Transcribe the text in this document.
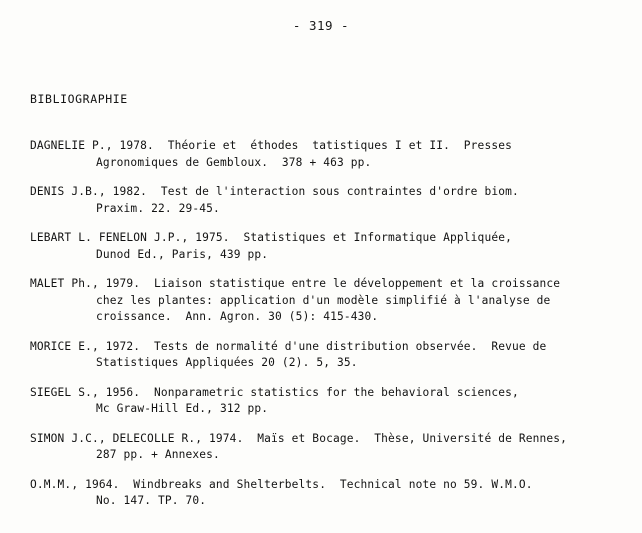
- 319 -
BIBLIOGRAPHIE
DAGNELIE P., 1978.  Théorie et  éthodes  tatistiques I et II.  Presses
Agronomiques de Gembloux.  378 + 463 pp.
DENIS J.B., 1982.  Test de l'interaction sous contraintes d'ordre biom.
Praxim. 22. 29-45.
LEBART L. FENELON J.P., 1975.  Statistiques et Informatique Appliquée,
Dunod Ed., Paris, 439 pp.
MALET Ph., 1979.  Liaison statistique entre le développement et la croissance
chez les plantes: application d'un modèle simplifié à l'analyse de
croissance.  Ann. Agron. 30 (5): 415-430.
MORICE E., 1972.  Tests de normalité d'une distribution observée.  Revue de
Statistiques Appliquées 20 (2). 5, 35.
SIEGEL S., 1956.  Nonparametric statistics for the behavioral sciences,
Mc Graw-Hill Ed., 312 pp.
SIMON J.C., DELECOLLE R., 1974.  Maïs et Bocage.  Thèse, Université de Rennes,
287 pp. + Annexes.
O.M.M., 1964.  Windbreaks and Shelterbelts.  Technical note no 59. W.M.O.
No. 147. TP. 70.
